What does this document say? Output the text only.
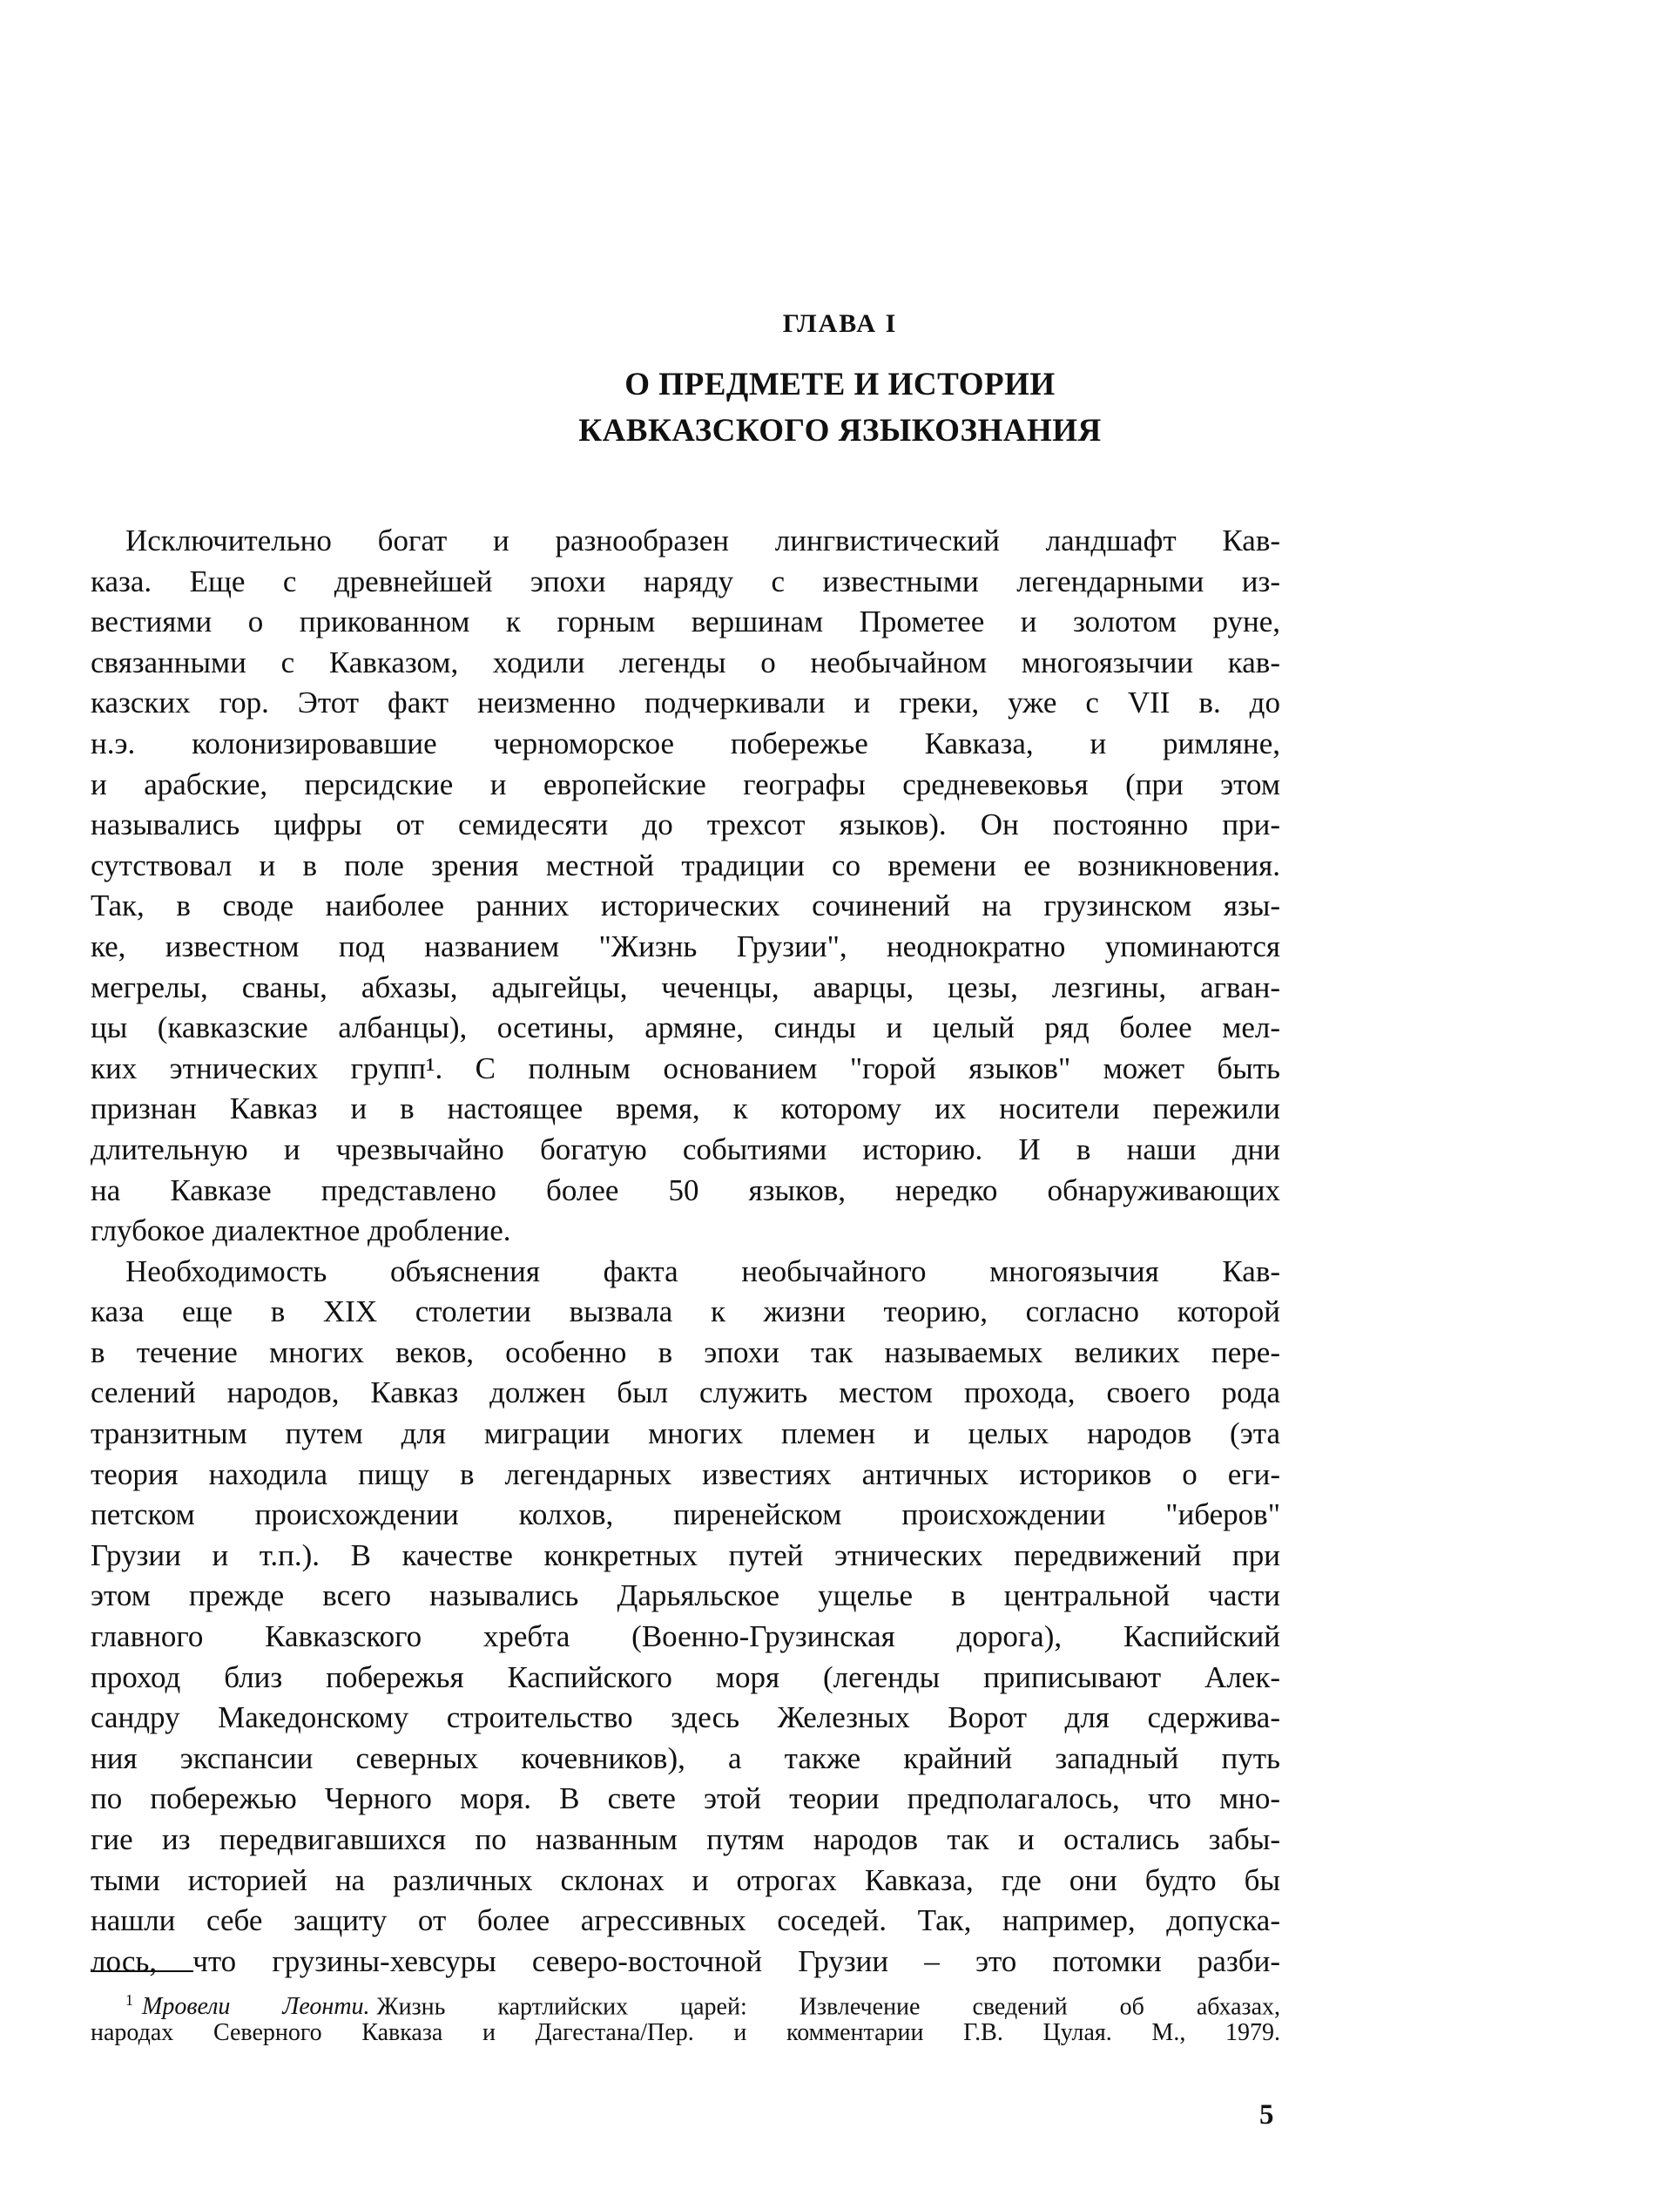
ГЛАВА I
О ПРЕДМЕТЕ И ИСТОРИИ
КАВКАЗСКОГО ЯЗЫКОЗНАНИЯ
Исключительно богат и разнообразен лингвистический ландшафт Кав-
каза. Еще с древнейшей эпохи наряду с известными легендарными из-
вестиями о прикованном к горным вершинам Прометее и золотом руне,
связанными с Кавказом, ходили легенды о необычайном многоязычии кав-
казских гор. Этот факт неизменно подчеркивали и греки, уже с VII в. до
н.э. колонизировавшие черноморское побережье Кавказа, и римляне,
и арабские, персидские и европейские географы средневековья (при этом
назывались цифры от семидесяти до трехсот языков). Он постоянно при-
сутствовал и в поле зрения местной традиции со времени ее возникновения.
Так, в своде наиболее ранних исторических сочинений на грузинском язы-
ке, известном под названием "Жизнь Грузии", неоднократно упоминаются
мегрелы, сваны, абхазы, адыгейцы, чеченцы, аварцы, цезы, лезгины, агван-
цы (кавказские албанцы), осетины, армяне, синды и целый ряд более мел-
ких этнических групп¹. С полным основанием "горой языков" может быть
признан Кавказ и в настоящее время, к которому их носители пережили
длительную и чрезвычайно богатую событиями историю. И в наши дни
на Кавказе представлено более 50 языков, нередко обнаруживающих
глубокое диалектное дробление.
Необходимость объяснения факта необычайного многоязычия Кав-
каза еще в XIX столетии вызвала к жизни теорию, согласно которой
в течение многих веков, особенно в эпохи так называемых великих пере-
селений народов, Кавказ должен был служить местом прохода, своего рода
транзитным путем для миграции многих племен и целых народов (эта
теория находила пищу в легендарных известиях античных историков о еги-
петском происхождении колхов, пиренейском происхождении "иберов"
Грузии и т.п.). В качестве конкретных путей этнических передвижений при
этом прежде всего назывались Дарьяльское ущелье в центральной части
главного Кавказского хребта (Военно-Грузинская дорога), Каспийский
проход близ побережья Каспийского моря (легенды приписывают Алек-
сандру Македонскому строительство здесь Железных Ворот для сдержива-
ния экспансии северных кочевников), а также крайний западный путь
по побережью Черного моря. В свете этой теории предполагалось, что мно-
гие из передвигавшихся по названным путям народов так и остались забы-
тыми историей на различных склонах и отрогах Кавказа, где они будто бы
нашли себе защиту от более агрессивных соседей. Так, например, допуска-
лось, что грузины-хевсуры северо-восточной Грузии – это потомки разби-
$^1$ Мровели Леонти. Жизнь картлийских царей: Извлечение сведений об абхазах,
народах Северного Кавказа и Дагестана/Пер. и комментарии Г.В. Цулая. М., 1979.
5
